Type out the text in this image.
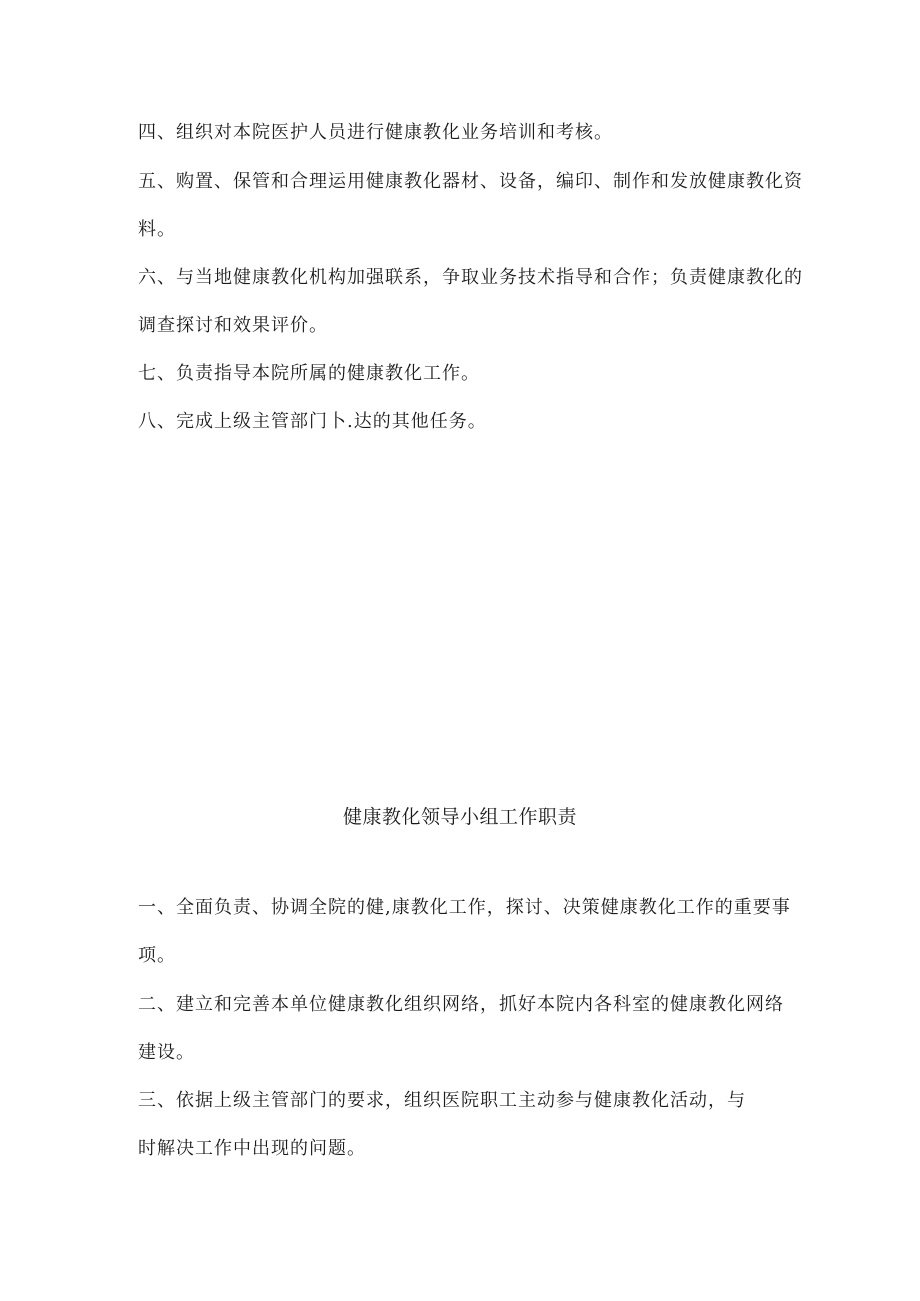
四、组织对本院医护人员进行健康教化业务培训和考核。
五、购置、保管和合理运用健康教化器材、设备，编印、制作和发放健康教化资
料。
六、与当地健康教化机构加强联系，争取业务技术指导和合作；负责健康教化的
调查探讨和效果评价。
七、负责指导本院所属的健康教化工作。
八、完成上级主管部门卜.达的其他任务。
健康教化领导小组工作职责
一、全面负责、协调全院的健,康教化工作，探讨、决策健康教化工作的重要事
项。
二、建立和完善本单位健康教化组织网络，抓好本院内各科室的健康教化网络
建设。
三、依据上级主管部门的要求，组织医院职工主动参与健康教化活动，与
时解决工作中出现的问题。
